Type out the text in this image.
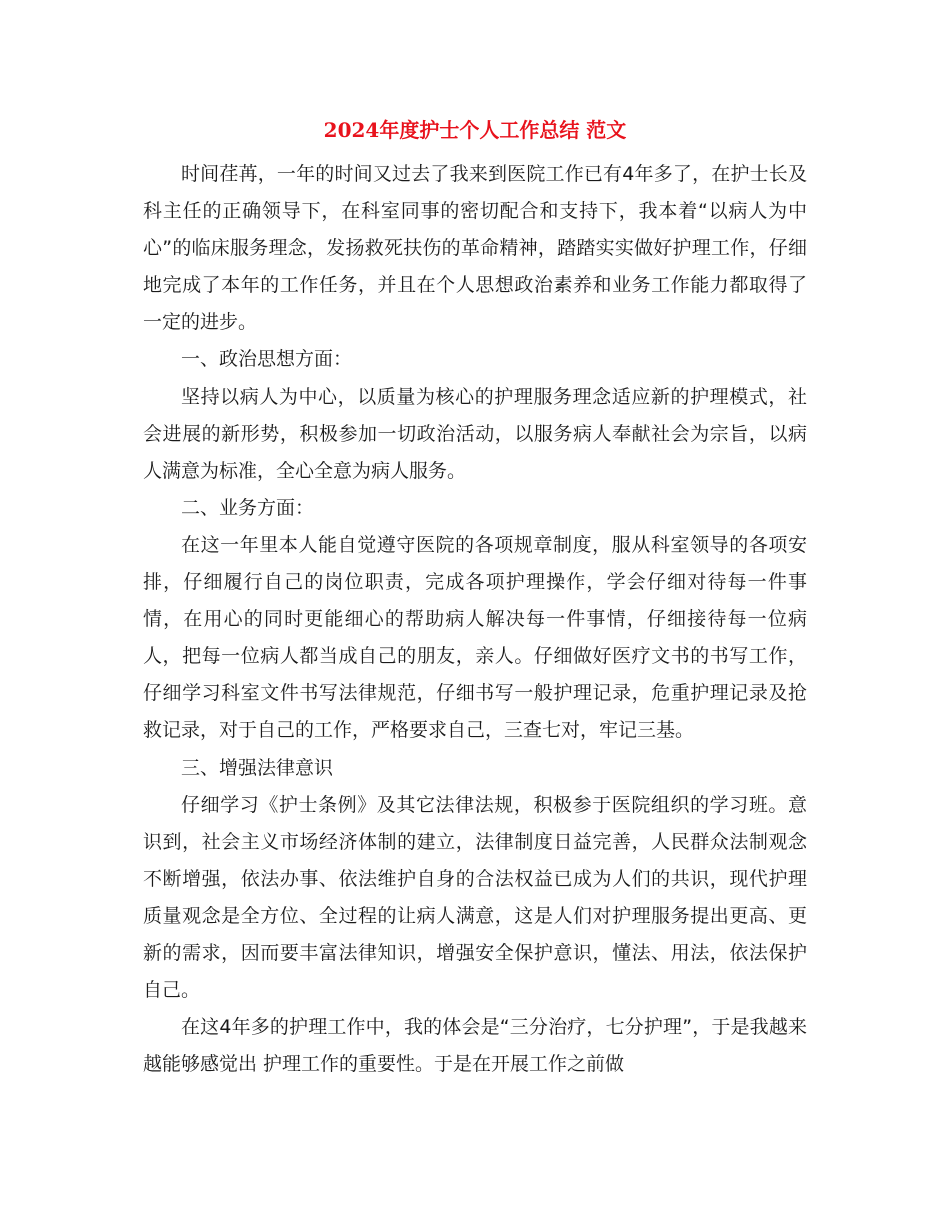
2024年度护士个人工作总结 范文

时间荏苒，一年的时间又过去了我来到医院工作已有4年多了，在护士长及科主任的正确领导下，在科室同事的密切配合和支持下，我本着“以病人为中心”的临床服务理念，发扬救死扶伤的革命精神，踏踏实实做好护理工作，仔细地完成了本年的工作任务，并且在个人思想政治素养和业务工作能力都取得了一定的进步。

一、政治思想方面：

坚持以病人为中心，以质量为核心的护理服务理念适应新的护理模式，社会进展的新形势，积极参加一切政治活动，以服务病人奉献社会为宗旨，以病人满意为标准，全心全意为病人服务。

二、业务方面：

在这一年里本人能自觉遵守医院的各项规章制度，服从科室领导的各项安排，仔细履行自己的岗位职责，完成各项护理操作，学会仔细对待每一件事情，在用心的同时更能细心的帮助病人解决每一件事情，仔细接待每一位病人，把每一位病人都当成自己的朋友，亲人。仔细做好医疗文书的书写工作，仔细学习科室文件书写法律规范，仔细书写一般护理记录，危重护理记录及抢救记录，对于自己的工作，严格要求自己，三查七对，牢记三基。

三、增强法律意识

仔细学习《护士条例》及其它法律法规，积极参于医院组织的学习班。意识到，社会主义市场经济体制的建立，法律制度日益完善，人民群众法制观念不断增强，依法办事、依法维护自身的合法权益已成为人们的共识，现代护理质量观念是全方位、全过程的让病人满意，这是人们对护理服务提出更高、更新的需求，因而要丰富法律知识，增强安全保护意识，懂法、用法，依法保护自己。

在这4年多的护理工作中，我的体会是“三分治疗，七分护理”，于是我越来越能够感觉出 护理工作的重要性。于是在开展工作之前做
